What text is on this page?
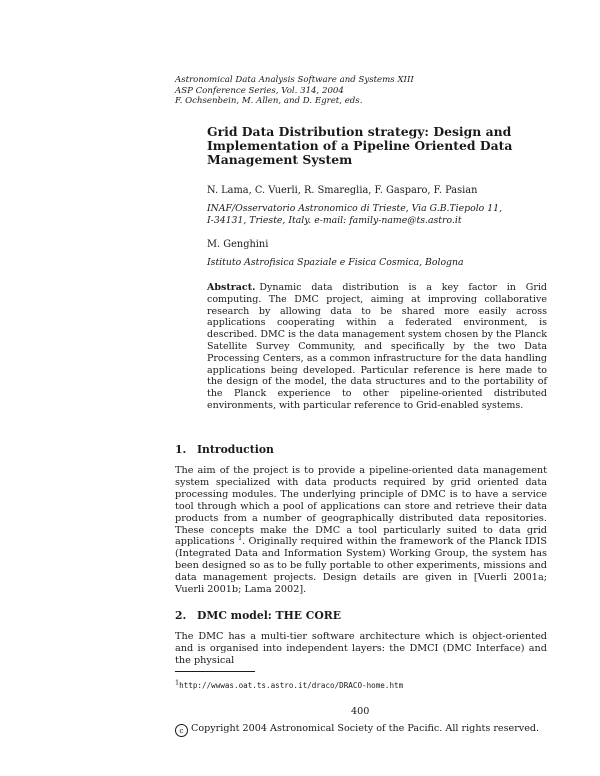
Astronomical Data Analysis Software and Systems XIII
ASP Conference Series, Vol. 314, 2004
F. Ochsenbein, M. Allen, and D. Egret, eds.
Grid Data Distribution strategy: Design and Implementation of a Pipeline Oriented Data Management System
N. Lama, C. Vuerli, R. Smareglia, F. Gasparo, F. Pasian
INAF/Osservatorio Astronomico di Trieste, Via G.B.Tiepolo 11,
I-34131, Trieste, Italy. e-mail: family-name@ts.astro.it
M. Genghini
Istituto Astrofisica Spaziale e Fisica Cosmica, Bologna
Abstract. Dynamic data distribution is a key factor in Grid computing. The DMC project, aiming at improving collaborative research by allowing data to be shared more easily across applications cooperating within a federated environment, is described. DMC is the data management system chosen by the Planck Satellite Survey Community, and specifically by the two Data Processing Centers, as a common infrastructure for the data handling applications being developed. Particular reference is here made to the design of the model, the data structures and to the portability of the Planck experience to other pipeline-oriented distributed environments, with particular reference to Grid-enabled systems.
1. Introduction
The aim of the project is to provide a pipeline-oriented data management system specialized with data products required by grid oriented data processing modules. The underlying principle of DMC is to have a service tool through which a pool of applications can store and retrieve their data products from a number of geographically distributed data repositories. These concepts make the DMC a tool particularly suited to data grid applications $^1$. Originally required within the framework of the Planck IDIS (Integrated Data and Information System) Working Group, the system has been designed so as to be fully portable to other experiments, missions and data management projects. Design details are given in [Vuerli 2001a; Vuerli 2001b; Lama 2002].
2. DMC model: THE CORE
The DMC has a multi-tier software architecture which is object-oriented and is organised into independent layers: the DMCI (DMC Interface) and the physical
$^1$http://wwwas.oat.ts.astro.it/draco/DRACO-home.htm
400
c Copyright 2004 Astronomical Society of the Pacific. All rights reserved.
